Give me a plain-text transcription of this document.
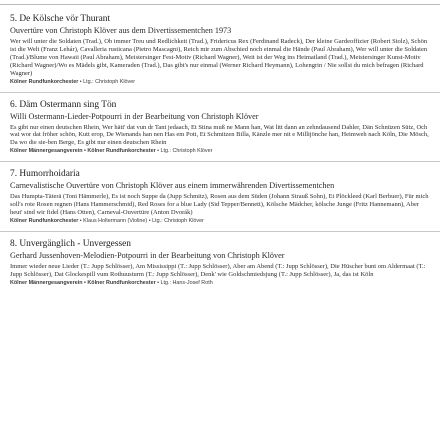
5. De Kölsche vör Thurant

Ouvertüre von Christoph Klöver aus dem Divertissementchen 1973

Wer will unter die Soldaten (Trad.), Ob immer Treu und Redlichkeit (Trad.), Fridericus Rex (Ferdinand Radeck), Der kleine Gardeoffizier (Robert Stolz), Schön ist die Welt (Franz Lehár), Cavalleria rusticana (Pietro Mascagni), Reich mir zum Abschied noch einmal die Hände (Paul Abraham), Wer will unter die Soldaten (Trad.)/Blume von Hawaii (Paul Abraham), Meistersinger Fest-Motiv (Richard Wagner), Weit ist der Weg ins Heimatland (Trad.), Meistersinger Kunst-Motiv (Richard Wagner)/Wo es Mädels gibt, Kameraden (Trad.), Das gibt's nur einmal (Werner Richard Heymann), Lohengrin / Nie sollst du mich befragen (Richard Wagner)

Kölner Rundfunkorchester • Ltg.: Christoph Klöver

6. Däm Ostermann sing Tön

Willi Ostermann-Lieder-Potpourri in der Bearbeitung von Christoph Klöver

Es gibt nur einen deutschen Rhein, Wer hätt' dat vun dr Tant jedaach, Et Stina muß ne Mann han, Wat litt dann an zehndausend Dahler, Dän Schnüzen Sütz, Och wat wor dat fröher schön, Kutt erop, De Wienands han nen Has em Pott, Et Schmitzen Billa, Känzle mer nit e Millijönche han, Heimweh nach Köln, Die Mösch, Da wo die sie-ben Berge, Es gibt nur einen deutschen Rhein

Kölner Männergesangverein • Kölner Rundfunkorchester • Ltg.: Christoph Klöver

7. Humorrhoidaria

Carnevalistische Ouvertüre von Christoph Klöver aus einem immerwährenden Divertissementchen

Das Humpta-Täterä (Toni Hämmerle), Es ist noch Suppe da (Jupp Schmitz), Rosen aus dem Süden (Johann Strauß Sohn), Et Plöckleed (Karl Berbuer), Für mich soll's rote Rosen regnen (Hans Hammerschmid), Red Roses for a blue Lady (Sid Tepper/Bennett), Kölsche Mädcher, kölsche Junge (Fritz Hannemann), Aber heut' sind wir fidel (Hans Otten), Carneval-Ouvertüre (Anton Dvorák)

Kölner Rundfunkorchester • Klaus Holtermann (Violine) • Ltg.: Christoph Klöver

8. Unvergänglich - Unvergessen

Gerhard Jussenhoven-Melodien-Potpourri in der Bearbeitung von Christoph Klöver

Immer wieder neue Lieder (T.: Jupp Schlösser), Am Mississippi (T.: Jupp Schlösser), Aber am Abend (T.: Jupp Schlösser), Die Hüscher bunt om Aldermaat (T.: Jupp Schlösser), Dat Glockespill vum Rothuusturm (T.: Jupp Schlösser), Denk' wie Goldschmiedsjung (T.: Jupp Schlösser), Ja, das ist Köln

Kölner Männergesangverein • Kölner Rundfunkorchester • Ltg.: Hans-Josef Roth
